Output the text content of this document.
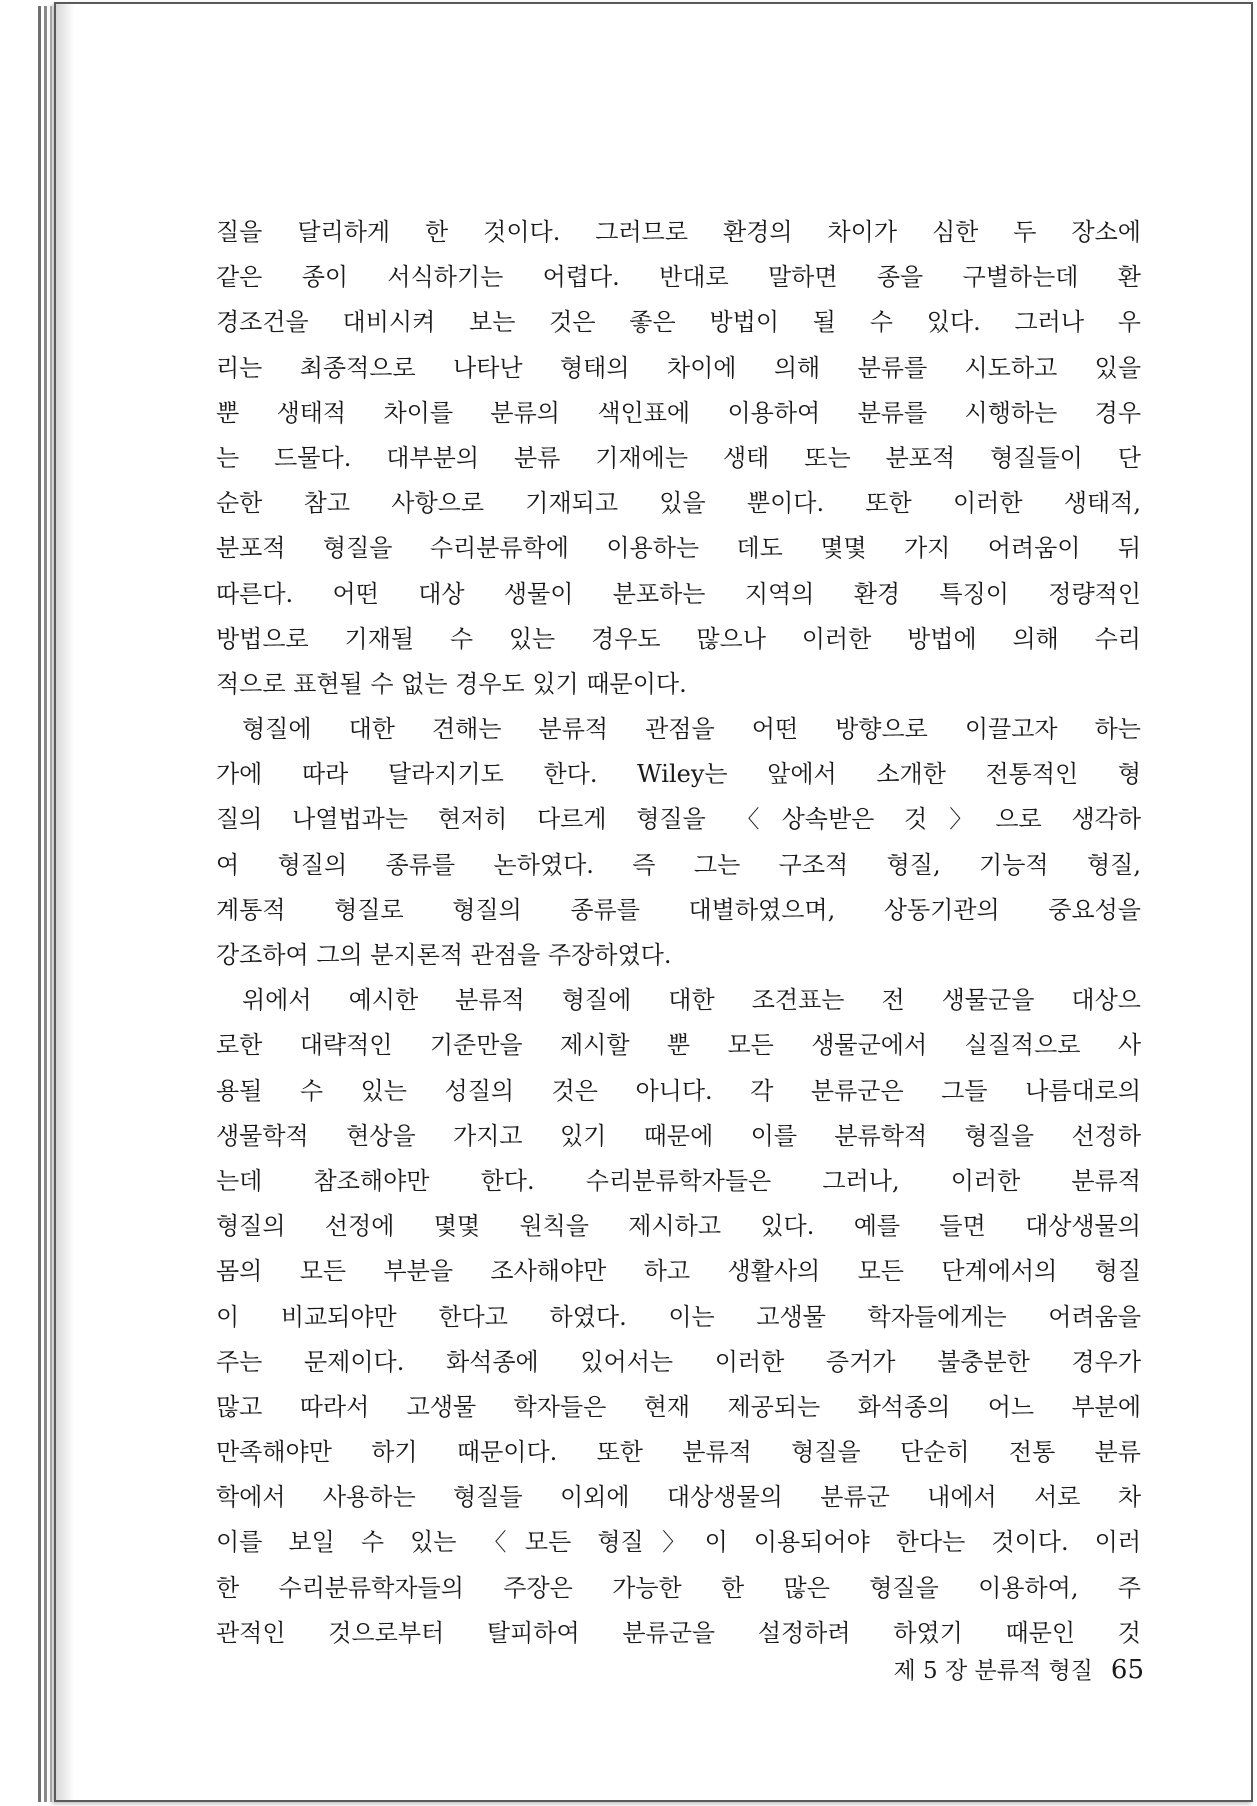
질을 달리하게 한 것이다. 그러므로 환경의 차이가 심한 두 장소에
같은 종이 서식하기는 어렵다. 반대로 말하면 종을 구별하는데 환
경조건을 대비시켜 보는 것은 좋은 방법이 될 수 있다. 그러나 우
리는 최종적으로 나타난 형태의 차이에 의해 분류를 시도하고 있을
뿐 생태적 차이를 분류의 색인표에 이용하여 분류를 시행하는 경우
는 드물다. 대부분의 분류 기재에는 생태 또는 분포적 형질들이 단
순한 참고 사항으로 기재되고 있을 뿐이다. 또한 이러한 생태적,
분포적 형질을 수리분류학에 이용하는 데도 몇몇 가지 어려움이 뒤
따른다. 어떤 대상 생물이 분포하는 지역의 환경 특징이 정량적인
방법으로 기재될 수 있는 경우도 많으나 이러한 방법에 의해 수리
적으로 표현될 수 없는 경우도 있기 때문이다.
형질에 대한 견해는 분류적 관점을 어떤 방향으로 이끌고자 하는
가에 따라 달라지기도 한다. Wiley는 앞에서 소개한 전통적인 형
질의 나열법과는 현저히 다르게 형질을 〈상속받은 것〉으로 생각하
여 형질의 종류를 논하였다. 즉 그는 구조적 형질, 기능적 형질,
계통적 형질로 형질의 종류를 대별하였으며, 상동기관의 중요성을
강조하여 그의 분지론적 관점을 주장하였다.
위에서 예시한 분류적 형질에 대한 조견표는 전 생물군을 대상으
로한 대략적인 기준만을 제시할 뿐 모든 생물군에서 실질적으로 사
용될 수 있는 성질의 것은 아니다. 각 분류군은 그들 나름대로의
생물학적 현상을 가지고 있기 때문에 이를 분류학적 형질을 선정하
는데 참조해야만 한다. 수리분류학자들은 그러나, 이러한 분류적
형질의 선정에 몇몇 원칙을 제시하고 있다. 예를 들면 대상생물의
몸의 모든 부분을 조사해야만 하고 생활사의 모든 단계에서의 형질
이 비교되야만 한다고 하였다. 이는 고생물 학자들에게는 어려움을
주는 문제이다. 화석종에 있어서는 이러한 증거가 불충분한 경우가
많고 따라서 고생물 학자들은 현재 제공되는 화석종의 어느 부분에
만족해야만 하기 때문이다. 또한 분류적 형질을 단순히 전통 분류
학에서 사용하는 형질들 이외에 대상생물의 분류군 내에서 서로 차
이를 보일 수 있는 〈모든 형질〉이 이용되어야 한다는 것이다. 이러
한 수리분류학자들의 주장은 가능한 한 많은 형질을 이용하여, 주
관적인 것으로부터 탈피하여 분류군을 설정하려 하였기 때문인 것
제 5 장 분류적 형질 65
